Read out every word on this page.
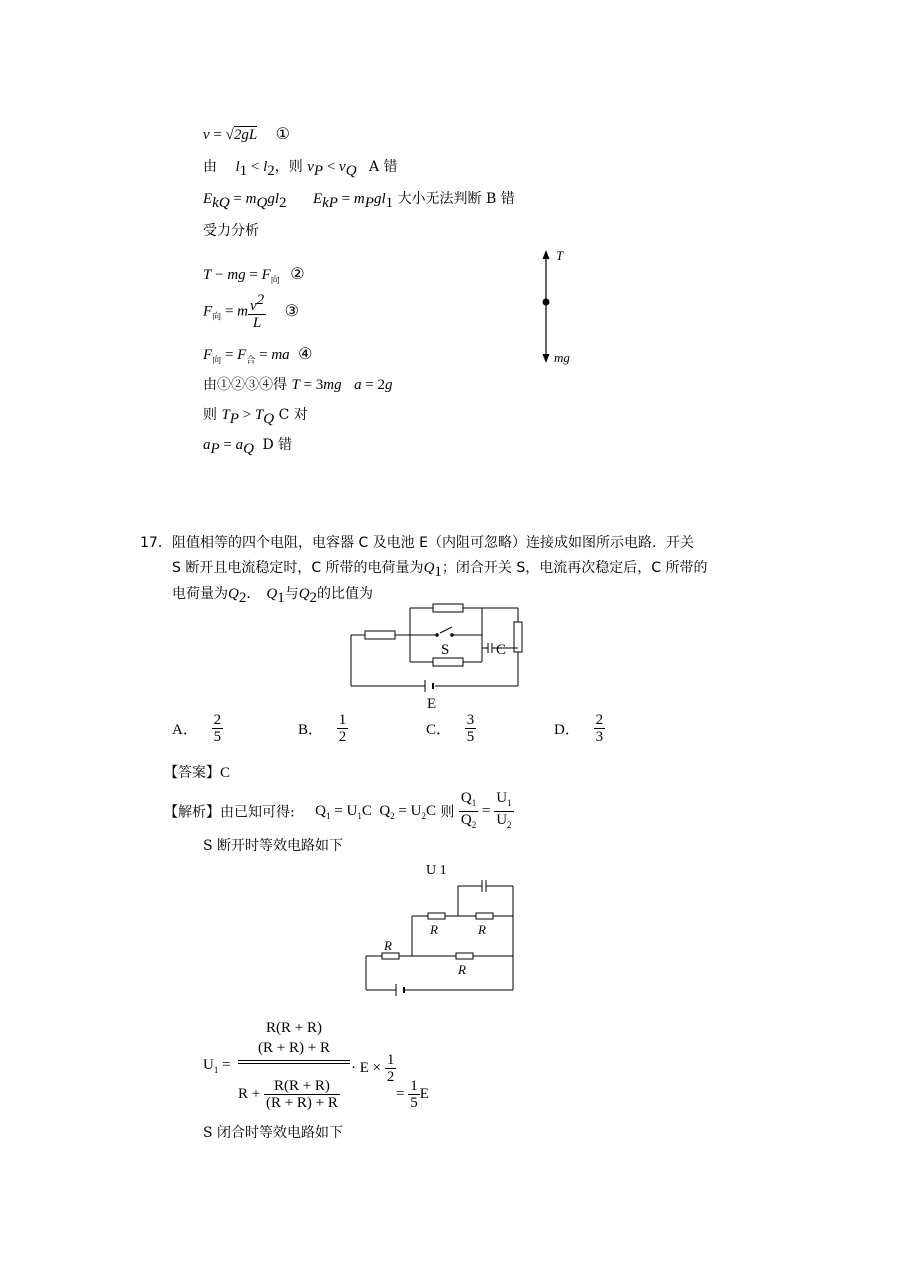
v = √2gL ①
由 $l_1 < l_2$，则 $v_P < v_Q$ A 错
$E_{kQ} = m_Qgl_2$ $E_{kP} = m_Pgl_1$ 大小无法判断 B 错
受力分析
T − mg = $F_向$ ②
$F_向 = m \frac{v^2}{L}$ ③
$F_向 = F_合$ = ma ④
由①②③④得 T = 3mg a = 2g
则 $T_P > T_Q$ C 对
$a_P = a_Q$ D 错
T
mg
17． 阻值相等的四个电阻，电容器 C 及电池 E（内阻可忽略）连接成如图所示电路．开关
S 断开且电流稳定时，C 所带的电荷量为$Q_1$；闭合开关 S，电流再次稳定后，C 所带的
电荷量为$Q_2$． $Q_1$与$Q_2$的比值为
S	C
E
A． $\frac{2}{5}$	B． $\frac{1}{2}$	C． $\frac{3}{5}$	D． $\frac{2}{3}$
【答案】C
【解析】由已知可得: $Q_1 = U_1C$  $Q_2 = U_2C$ 则 $\frac{Q_1}{Q_2} = \frac{U_1}{U_2}$
S 断开时等效电路如下
U 1
R	R
R
R
$U_1$ =
R(R + R)
(R + R) + R
$R + \frac{R(R + R)}{(R + R) + R}$
· $E \times \frac{1}{2}$
= $\frac{1}{5}$ E
S 闭合时等效电路如下
